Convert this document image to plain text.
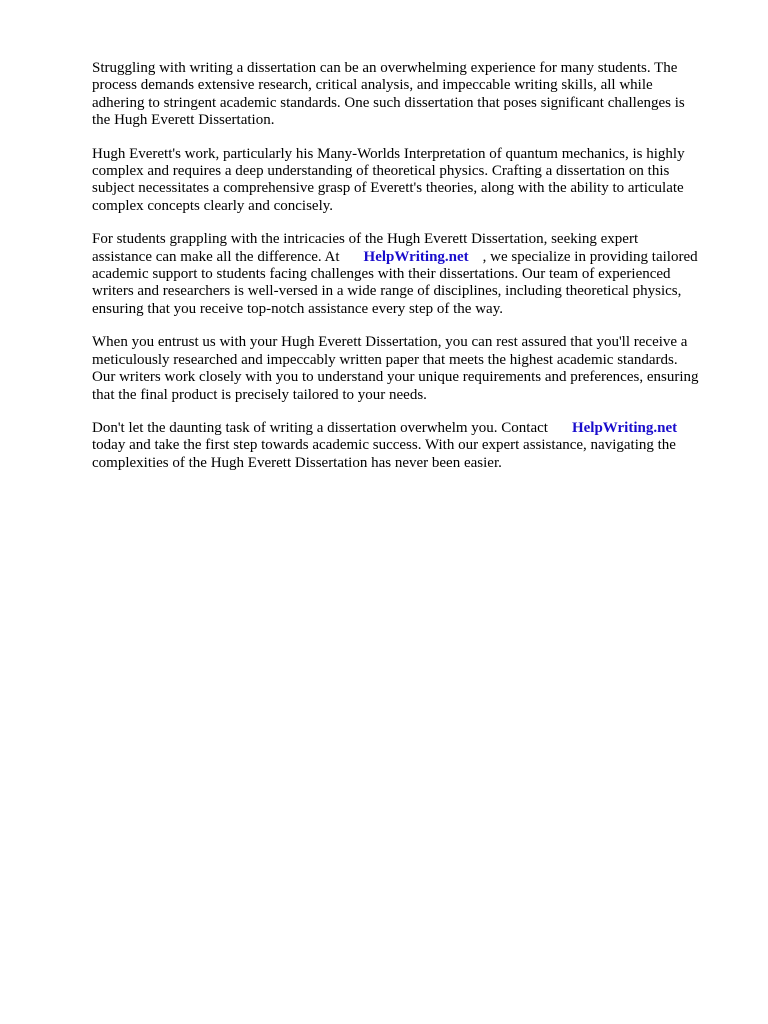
Struggling with writing a dissertation can be an overwhelming experience for many students. The
process demands extensive research, critical analysis, and impeccable writing skills, all while
adhering to stringent academic standards. One such dissertation that poses significant challenges is
the Hugh Everett Dissertation.

Hugh Everett's work, particularly his Many-Worlds Interpretation of quantum mechanics, is highly
complex and requires a deep understanding of theoretical physics. Crafting a dissertation on this
subject necessitates a comprehensive grasp of Everett's theories, along with the ability to articulate
complex concepts clearly and concisely.

For students grappling with the intricacies of the Hugh Everett Dissertation, seeking expert
assistance can make all the difference. At HelpWriting.net , we specialize in providing tailored
academic support to students facing challenges with their dissertations. Our team of experienced
writers and researchers is well-versed in a wide range of disciplines, including theoretical physics,
ensuring that you receive top-notch assistance every step of the way.

When you entrust us with your Hugh Everett Dissertation, you can rest assured that you'll receive a
meticulously researched and impeccably written paper that meets the highest academic standards.
Our writers work closely with you to understand your unique requirements and preferences, ensuring
that the final product is precisely tailored to your needs.

Don't let the daunting task of writing a dissertation overwhelm you. Contact HelpWriting.net
today and take the first step towards academic success. With our expert assistance, navigating the
complexities of the Hugh Everett Dissertation has never been easier.
